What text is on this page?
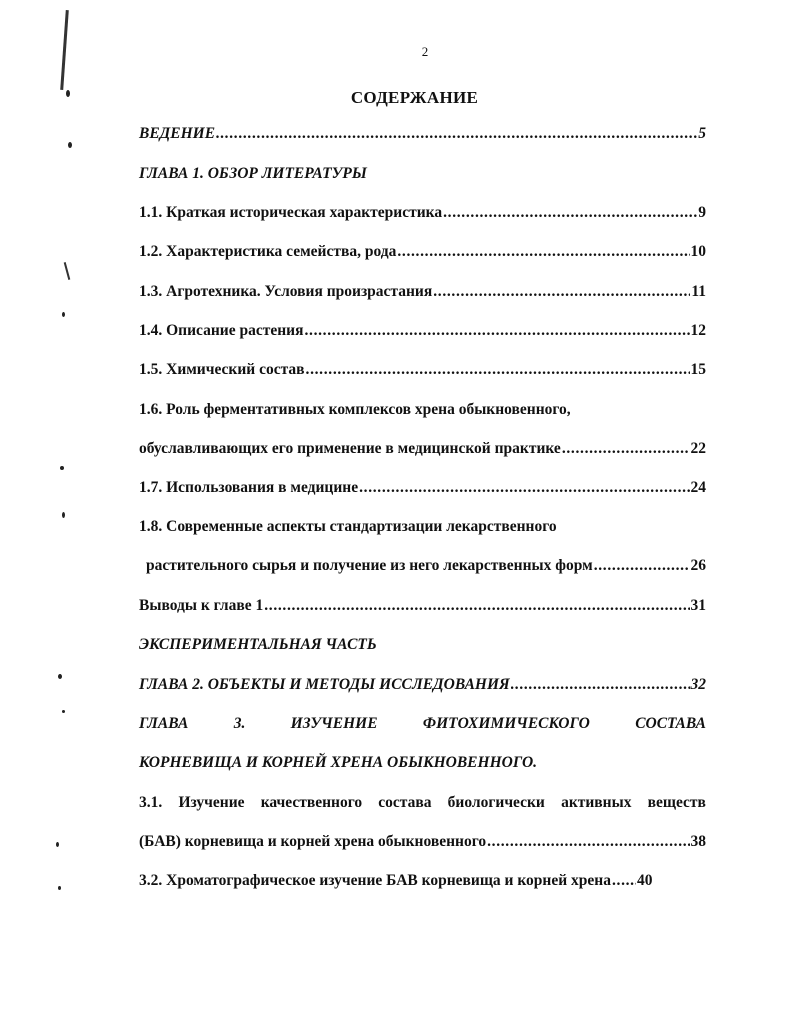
2
СОДЕРЖАНИЕ
ВЕДЕНИЕ . . .	5
ГЛАВА 1. ОБЗОР ЛИТЕРАТУРЫ
1.1. Краткая историческая характеристика . . .	9
1.2. Характеристика семейства, рода . . .	10
1.3. Агротехника. Условия произрастания . . .	11
1.4. Описание растения . . .	12
1.5. Химический состав . . .	15
1.6. Роль ферментативных комплексов хрена обыкновенного,
обуславливающих его применение в медицинской практике . . .	22
1.7. Использования в медицине . . .	24
1.8. Современные аспекты стандартизации лекарственного
растительного сырья и получение из него лекарственных форм . . .	26
Выводы к главе 1 . . .	31
ЭКСПЕРИМЕНТАЛЬНАЯ ЧАСТЬ
ГЛАВА 2. ОБЪЕКТЫ И МЕТОДЫ ИССЛЕДОВАНИЯ . . .	32
ГЛАВА	3.	ИЗУЧЕНИЕ	ФИТОХИМИЧЕСКОГО	СОСТАВА
КОРНЕВИЩА И КОРНЕЙ ХРЕНА ОБЫКНОВЕННОГО.
3.1. Изучение качественного состава биологически активных веществ
(БАВ) корневища и корней хрена обыкновенного . . .	38
3.2. Хроматографическое изучение БАВ корневища и корней хрена . . . 40
